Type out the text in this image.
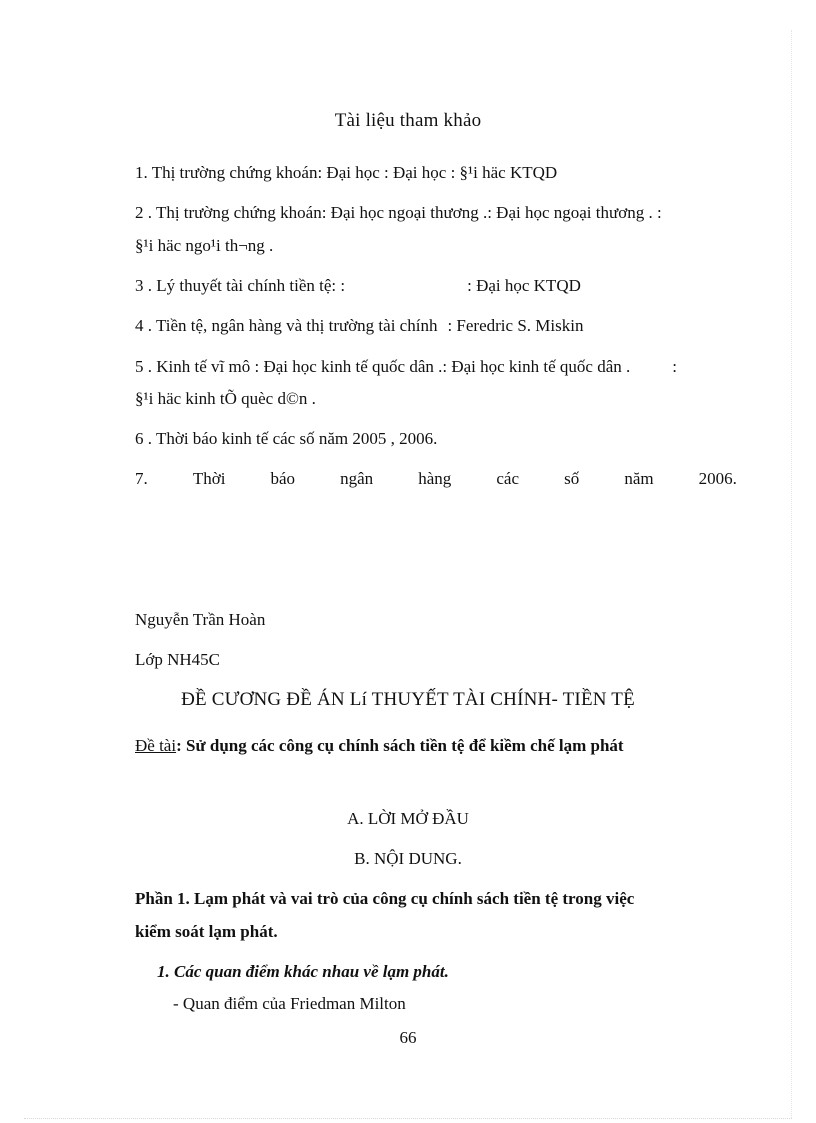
Tài liệu tham khảo
1. Thị trường chứng khoán: Đại học : Đại học : §¹i häc KTQD
2 . Thị trường chứng khoán: Đại học ngoại thương .: Đại học ngoại thương . :
§¹i häc ngo¹i th¬ng .
3 . Lý thuyết tài chính tiền tệ: :	: Đại học KTQD
4 . Tiền tệ, ngân hàng và thị trường tài chính : Feredric S. Miskin
5 . Kinh tế vĩ mô : Đại học kinh tế quốc dân .: Đại học kinh tế quốc dân . :
§¹i häc kinh tÕ quèc d©n .
6 . Thời báo kinh tế các số năm 2005 , 2006.
7.	Thời	báo	ngân	hàng	các	số	năm	2006.
Nguyễn Trần Hoàn
Lớp NH45C
ĐỀ CƯƠNG ĐỀ ÁN Lí THUYẾT TÀI CHÍNH- TIỀN TỆ
Đề tài: Sử dụng các công cụ chính sách tiền tệ để kiềm chế lạm phát
A. LỜI MỞ ĐẦU
B. NỘI DUNG.
Phần 1. Lạm phát và vai trò của công cụ chính sách tiền tệ trong việc
kiểm soát lạm phát.
1. Các quan điểm khác nhau về lạm phát.
- Quan điểm của Friedman Milton
66
